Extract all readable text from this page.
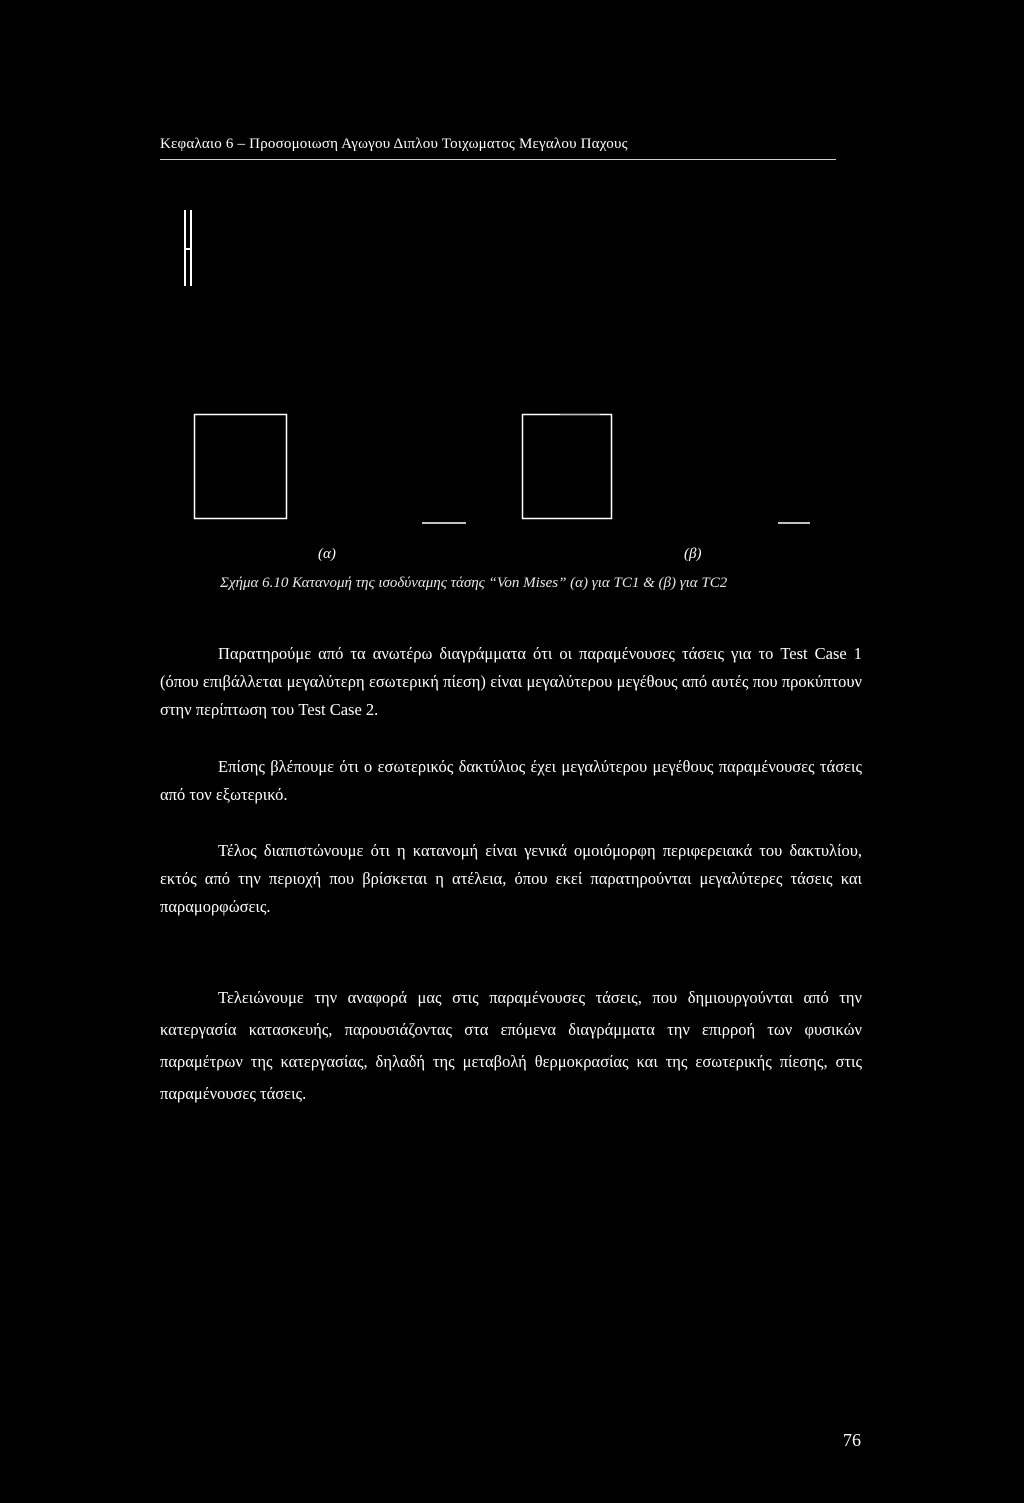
Κεφαλαιο 6 – Προσομοιωση Αγωγου Διπλου Τοιχωματος Μεγαλου Παχους
(α)	(β)
Σχήμα 6.10 Κατανομή της ισοδύναμης τάσης “Von Mises” (α) για TC1 & (β) για TC2
Παρατηρούμε από τα ανωτέρω διαγράμματα ότι οι παραμένουσες τάσεις για το Test Case 1 (όπου επιβάλλεται μεγαλύτερη εσωτερική πίεση) είναι μεγαλύτερου μεγέθους από αυτές που προκύπτουν στην περίπτωση του Test Case 2.
Επίσης βλέπουμε ότι ο εσωτερικός δακτύλιος έχει μεγαλύτερου μεγέθους παραμένουσες τάσεις από τον εξωτερικό.
Τέλος διαπιστώνουμε ότι η κατανομή είναι γενικά ομοιόμορφη περιφερειακά του δακτυλίου, εκτός από την περιοχή που βρίσκεται η ατέλεια, όπου εκεί παρατηρούνται μεγαλύτερες τάσεις και παραμορφώσεις.
Τελειώνουμε την αναφορά μας στις παραμένουσες τάσεις, που δημιουργούνται από την κατεργασία κατασκευής, παρουσιάζοντας στα επόμενα διαγράμματα την επιρροή των φυσικών παραμέτρων της κατεργασίας, δηλαδή της μεταβολή θερμοκρασίας και της εσωτερικής πίεσης, στις παραμένουσες τάσεις.
76
